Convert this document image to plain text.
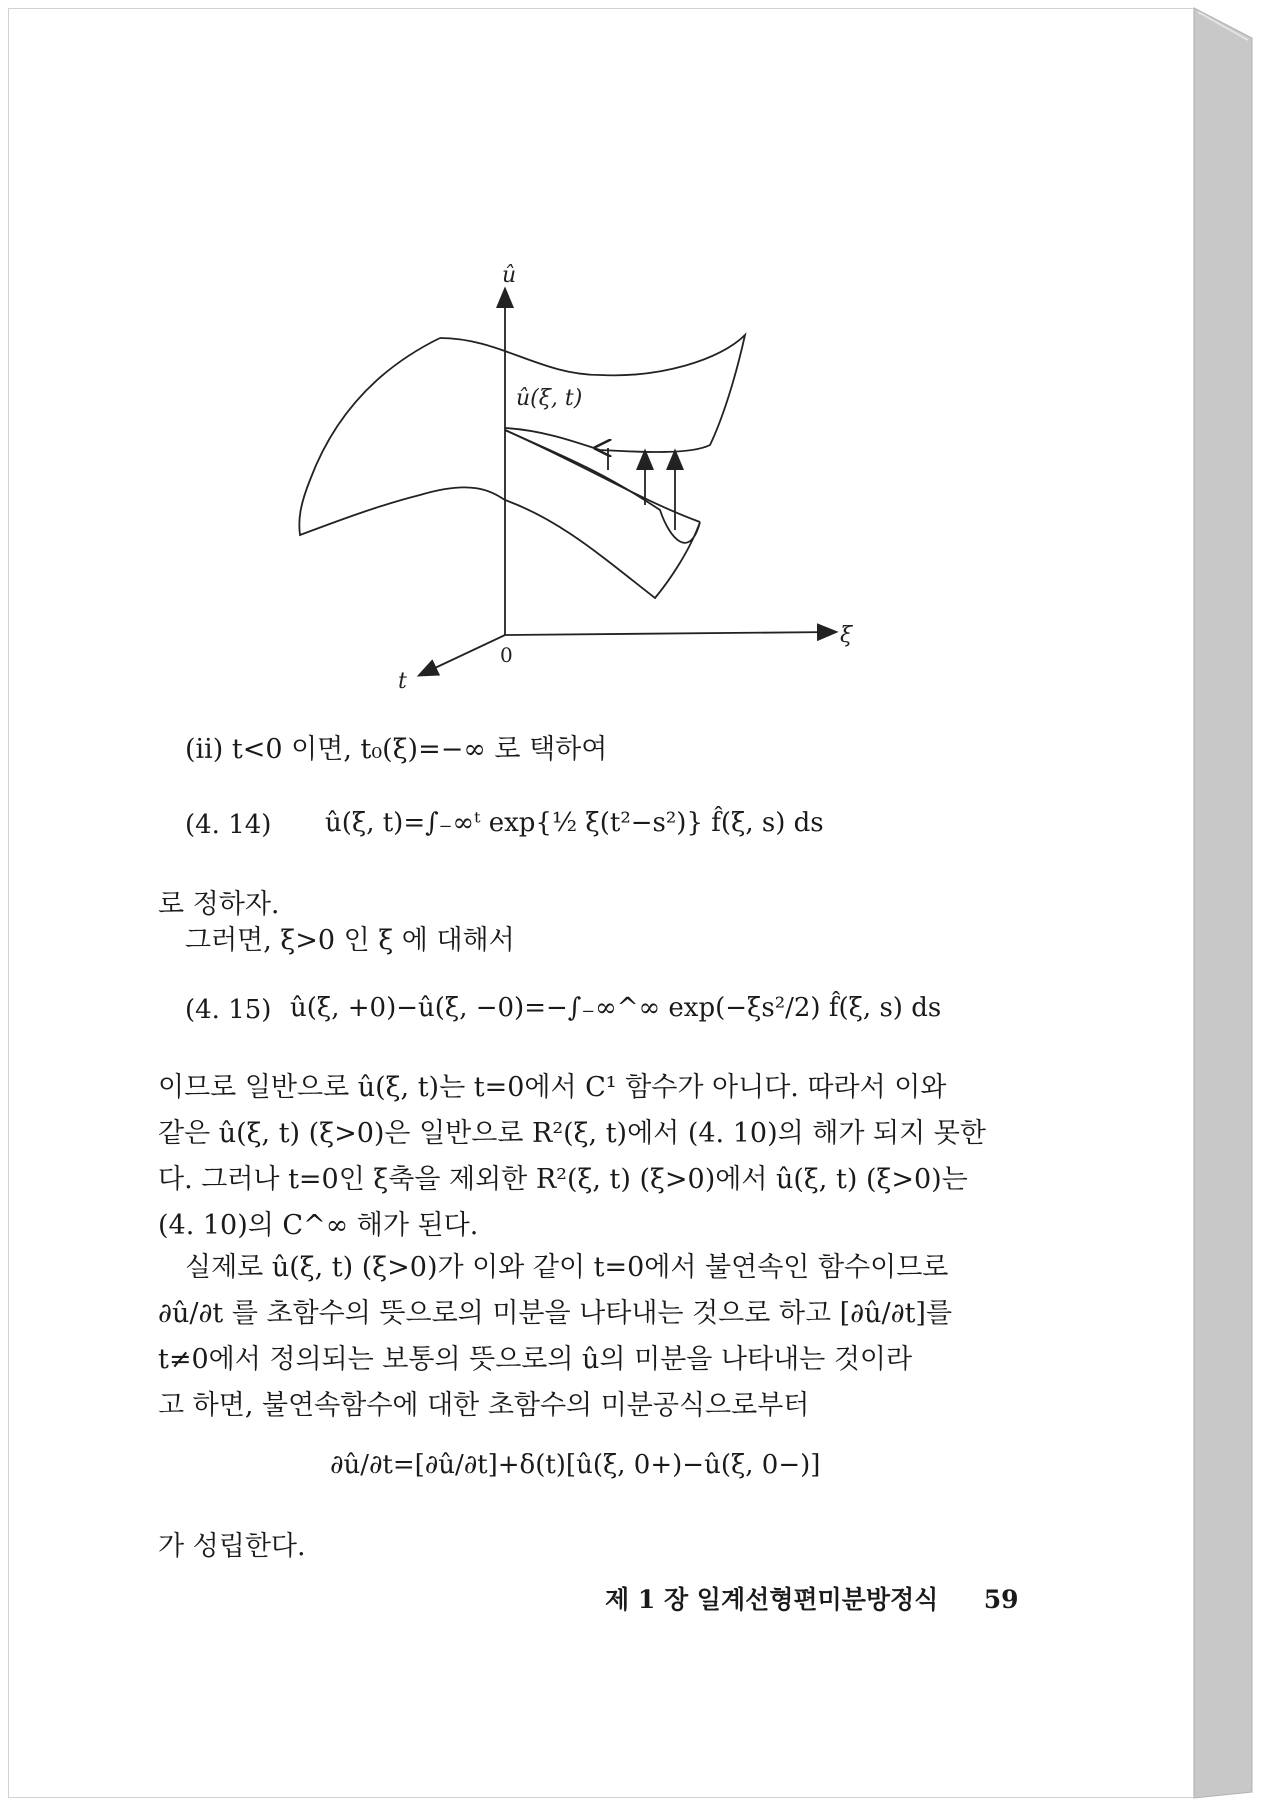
û
ξ
t
0
û(ξ, t)
(ii) t<0 이면, t₀(ξ)=−∞ 로 택하여
(4. 14) û(ξ, t)=∫₋∞ᵗ exp{½ ξ(t²−s²)} f̂(ξ, s) ds
로 정하자.
그러면, ξ>0 인 ξ 에 대해서
(4. 15) û(ξ, +0)−û(ξ, −0)=−∫₋∞^∞ exp(−ξs²/2) f̂(ξ, s) ds
이므로 일반으로 û(ξ, t)는 t=0에서 C¹ 함수가 아니다. 따라서 이와
같은 û(ξ, t) (ξ>0)은 일반으로 R²(ξ, t)에서 (4. 10)의 해가 되지 못한
다. 그러나 t=0인 ξ축을 제외한 R²(ξ, t) (ξ>0)에서 û(ξ, t) (ξ>0)는
(4. 10)의 C^∞ 해가 된다.
실제로 û(ξ, t) (ξ>0)가 이와 같이 t=0에서 불연속인 함수이므로
∂û/∂t 를 초함수의 뜻으로의 미분을 나타내는 것으로 하고 [∂û/∂t]를
t≠0에서 정의되는 보통의 뜻으로의 û의 미분을 나타내는 것이라
고 하면, 불연속함수에 대한 초함수의 미분공식으로부터
∂û/∂t=[∂û/∂t]+δ(t)[û(ξ, 0+)−û(ξ, 0−)]
가 성립한다.
제 1 장 일계선형편미분방정식 59
